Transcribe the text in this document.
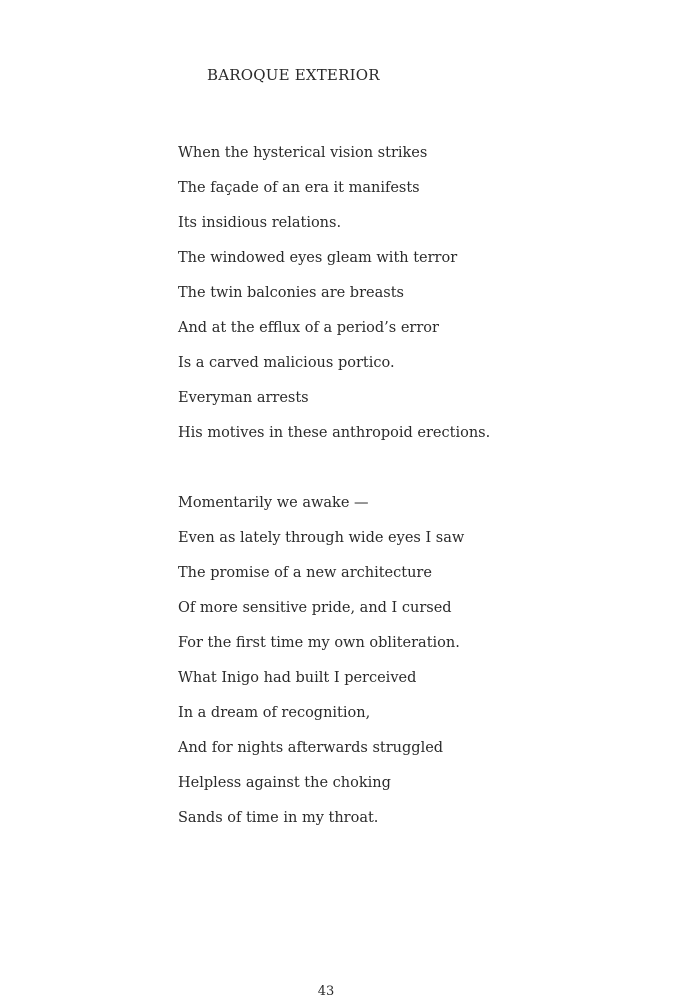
BAROQUE EXTERIOR
When the hysterical vision strikes
The façade of an era it manifests
Its insidious relations.
The windowed eyes gleam with terror
The twin balconies are breasts
And at the efflux of a period’s error
Is a carved malicious portico.
Everyman arrests
His motives in these anthropoid erections.
Momentarily we awake —
Even as lately through wide eyes I saw
The promise of a new architecture
Of more sensitive pride, and I cursed
For the first time my own obliteration.
What Inigo had built I perceived
In a dream of recognition,
And for nights afterwards struggled
Helpless against the choking
Sands of time in my throat.
43
